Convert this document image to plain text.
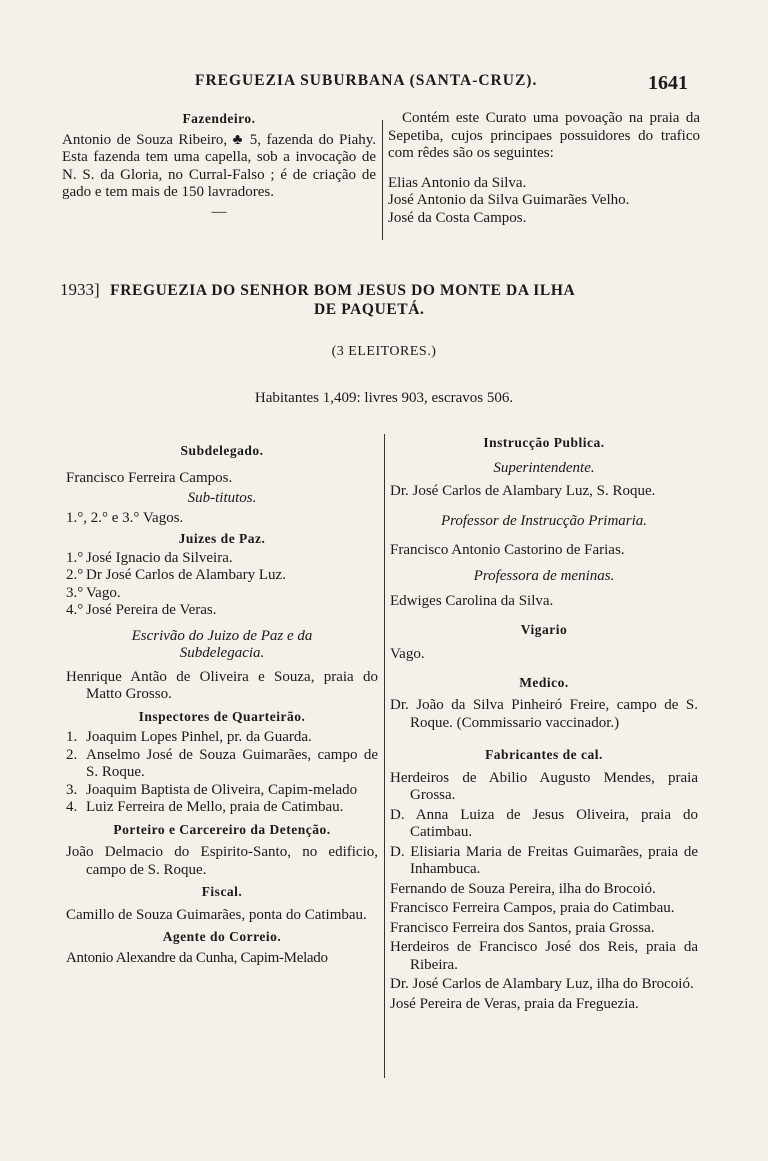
FREGUEZIA SUBURBANA (SANTA-CRUZ).	1641
Fazendeiro.

Antonio de Souza Ribeiro, ♣ 5, fazenda do Piahy. Esta fazenda tem uma capella, sob a invocação de N. S. da Gloria, no Curral-Falso ; é de criação de gado e tem mais de 150 lavradores.

—

Contém este Curato uma povoação na praia da Sepetiba, cujos principaes possuidores do trafico com rêdes são os seguintes:

Elias Antonio da Silva.
José Antonio da Silva Guimarães Velho.
José da Costa Campos.
1933] FREGUEZIA DO SENHOR BOM JESUS DO MONTE DA ILHA
DE PAQUETÁ.
(3 ELEITORES.)
Habitantes 1,409: livres 903, escravos 506.
Subdelegado.
Francisco Ferreira Campos.
Sub-titutos.
1.°, 2.° e 3.° Vagos.
Juizes de Paz.
1.° José Ignacio da Silveira.
2.° Dr José Carlos de Alambary Luz.
3.° Vago.
4.° José Pereira de Veras.
Escrivão do Juizo de Paz e da
Subdelegacia.

Henrique Antão de Oliveira e Souza, praia do Matto Grosso.

Inspectores de Quarteirão.

1. Joaquim Lopes Pinhel, pr. da Guarda.

2. Anselmo José de Souza Guimarães, campo de S. Roque.

3. Joaquim Baptista de Oliveira, Capim-melado

4. Luiz Ferreira de Mello, praia de Catimbau.

Porteiro e Carcereiro da Detenção.

João Delmacio do Espirito-Santo, no edificio, campo de S. Roque.

Fiscal.

Camillo de Souza Guimarães, ponta do Catimbau.

Agente do Correio.
Antonio Alexandre da Cunha, Capim-Melado
Instrucção Publica.
Superintendente.
Dr. José Carlos de Alambary Luz, S. Roque.
Professor de Instrucção Primaria.
Francisco Antonio Castorino de Farias.
Professora de meninas.
Edwiges Carolina da Silva.
Vigario
Vago.
Medico.

Dr. João da Silva Pinheiró Freire, campo de S. Roque. (Commissario vaccinador.)

Fabricantes de cal.

Herdeiros de Abilio Augusto Mendes, praia Grossa.

D. Anna Luiza de Jesus Oliveira, praia do Catimbau.

D. Elisiaria Maria de Freitas Guimarães, praia de Inhambuca.

Fernando de Souza Pereira, ilha do Brocoió.

Francisco Ferreira Campos, praia do Catimbau.

Francisco Ferreira dos Santos, praia Grossa.

Herdeiros de Francisco José dos Reis, praia da Ribeira.

Dr. José Carlos de Alambary Luz, ilha do Brocoió.

José Pereira de Veras, praia da Freguezia.
